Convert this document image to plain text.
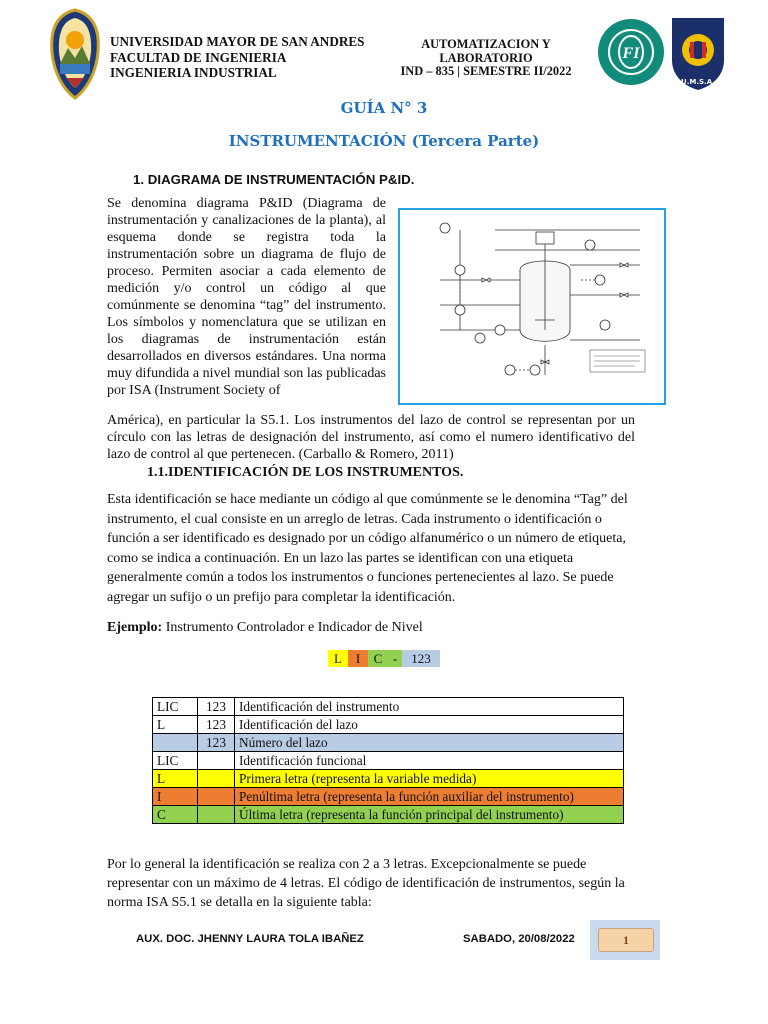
UNIVERSIDAD MAYOR DE SAN ANDRES
FACULTAD DE INGENIERIA
INGENIERIA INDUSTRIAL
AUTOMATIZACION Y
LABORATORIO
IND – 835 | SEMESTRE II/2022
FI
U.M.S.A.
GUÍA N° 3
INSTRUMENTACIÓN (Tercera Parte)
1. DIAGRAMA DE INSTRUMENTACIÓN P&ID.
Se denomina diagrama P&ID (Diagrama de instrumentación y canalizaciones de la planta), al esquema donde se registra toda la instrumentación sobre un diagrama de flujo de proceso. Permiten asociar a cada elemento de medición y/o control un código al que comúnmente se denomina “tag” del instrumento. Los símbolos y nomenclatura que se utilizan en los diagramas de instrumentación están desarrollados en diversos estándares. Una norma muy difundida a nivel mundial son las publicadas por ISA (Instrument Society of
América), en particular la S5.1. Los instrumentos del lazo de control se representan por un círculo con las letras de designación del instrumento, así como el numero identificativo del lazo de control al que pertenecen. (Carballo & Romero, 2011)
1.1.IDENTIFICACIÓN DE LOS INSTRUMENTOS.
Esta identificación se hace mediante un código al que comúnmente se le denomina “Tag” del instrumento, el cual consiste en un arreglo de letras. Cada instrumento o identificación o función a ser identificado es designado por un código alfanumérico o un número de etiqueta, como se indica a continuación. En un lazo las partes se identifican con una etiqueta generalmente común a todos los instrumentos o funciones pertenecientes al lazo. Se puede agregar un sufijo o un prefijo para completar la identificación.
Ejemplo: Instrumento Controlador e Indicador de Nivel
L	I	C -	123
LIC	123	Identificación del instrumento
L	123	Identificación del lazo
	123	Número del lazo
LIC		Identificación funcional
L		Primera letra (representa la variable medida)
I		Penúltima letra (representa la función auxiliar del instrumento)
C		Última letra (representa la función principal del instrumento)
Por lo general la identificación se realiza con 2 a 3 letras. Excepcionalmente se puede representar con un máximo de 4 letras. El código de identificación de instrumentos, según la norma ISA S5.1 se detalla en la siguiente tabla:
AUX. DOC. JHENNY LAURA TOLA IBAÑEZ	SABADO, 20/08/2022	1
